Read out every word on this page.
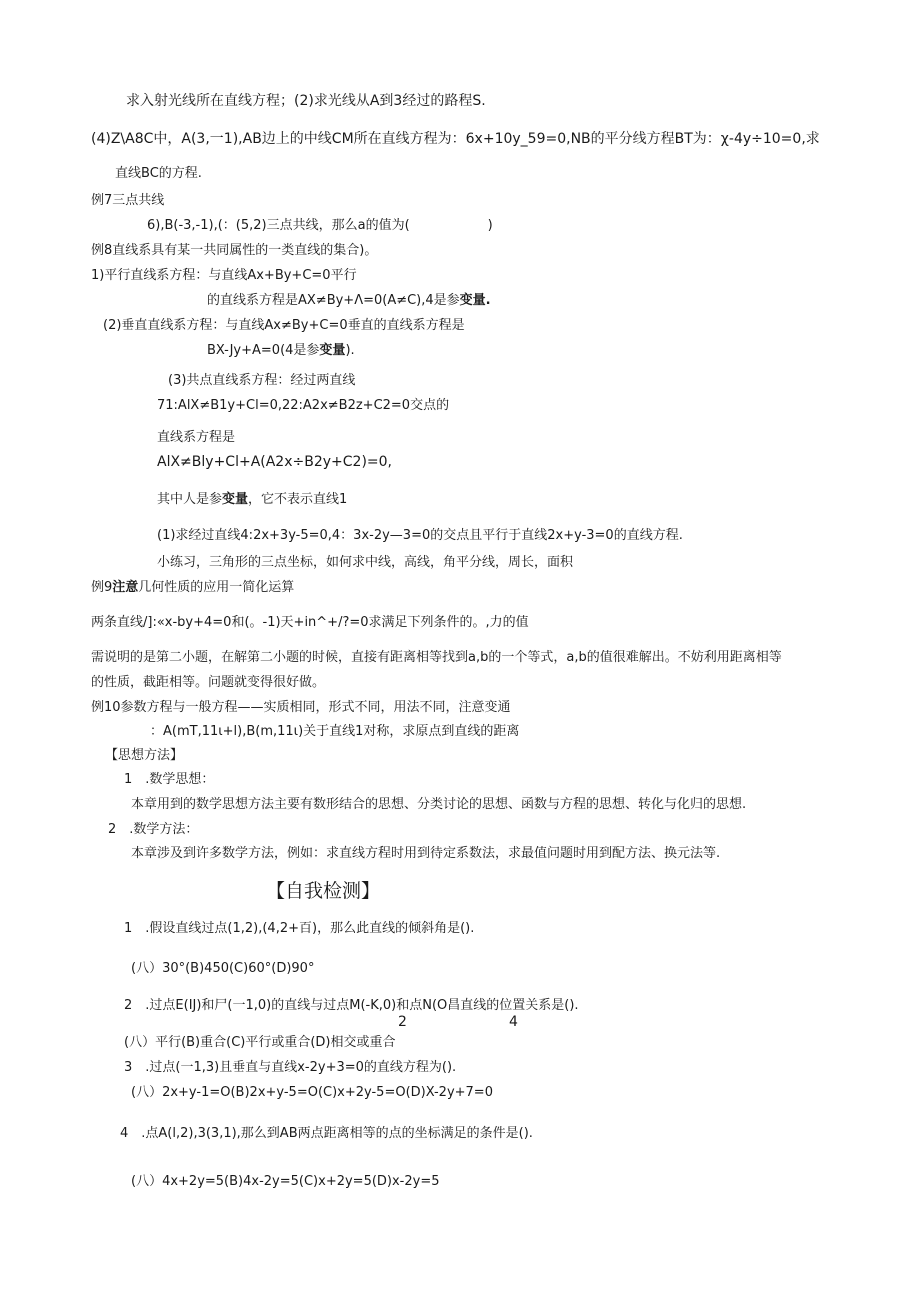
求入射光线所在直线方程；(2)求光线从A到3经过的路程S.
(4)Z\A8C中，A(3,一1),AB边上的中线CM所在直线方程为：6x+10y_59=0,NB的平分线方程BT为：χ-4y÷10=0,求
直线BC的方程.
例7三点共线
6),B(-3,-1),(：(5,2)三点共线，那么a的值为(　　　　　　)
例8直线系具有某一共同属性的一类直线的集合)。
1)平行直线系方程：与直线Ax+By+C=0平行
的直线系方程是AX≠By+Λ=0(A≠C),4是参变量.
(2)垂直直线系方程：与直线Ax≠By+C=0垂直的直线系方程是
BX-Jy+A=0(4是参变量).
(3)共点直线系方程：经过两直线
71:AlX≠B1y+Cl=0,22:A2x≠B2z+C2=0交点的
直线系方程是
AlX≠Bly+Cl+A(A2x÷B2y+C2)=0,
其中人是参变量，它不表示直线1
(1)求经过直线4:2x+3y-5=0,4：3x-2y—3=0的交点且平行于直线2x+y-3=0的直线方程.
小练习，三角形的三点坐标，如何求中线，高线，角平分线，周长，面积
例9注意几何性质的应用一简化运算
两条直线/]:«x-by+4=0和(。-1)天+in^+/?=0求满足下列条件的。,力的值
需说明的是第二小题，在解第二小题的时候，直接有距离相等找到a,b的一个等式，a,b的值很难解出。不妨利用距离相等
的性质，截距相等。问题就变得很好做。
例10参数方程与一般方程——实质相同，形式不同，用法不同，注意变通
：A(mT,11ι+l),B(m,11ι)关于直线1对称，求原点到直线的距离
【思想方法】
1　.数学思想：
本章用到的数学思想方法主要有数形结合的思想、分类讨论的思想、函数与方程的思想、转化与化归的思想.
2　.数学方法：
本章涉及到许多数学方法，例如：求直线方程时用到待定系数法，求最值问题时用到配方法、换元法等.
【自我检测】
1　.假设直线过点(1,2),(4,2+百)，那么此直线的倾斜角是().
(八）30°(B)450(C)60°(D)90°
2　.过点E(IJ)和尸(一1,0)的直线与过点M(-K,0)和点N(O昌直线的位置关系是().
2	4
(八）平行(B)重合(C)平行或重合(D)相交或重合
3　.过点(一1,3)且垂直与直线x-2y+3=0的直线方程为().
(八）2x+y-1=O(B)2x+y-5=O(C)x+2y-5=O(D)X-2y+7=0
4　.点A(l,2),3(3,1),那么到AB两点距离相等的点的坐标满足的条件是().
(八）4x+2y=5(B)4x-2y=5(C)x+2y=5(D)x-2y=5
